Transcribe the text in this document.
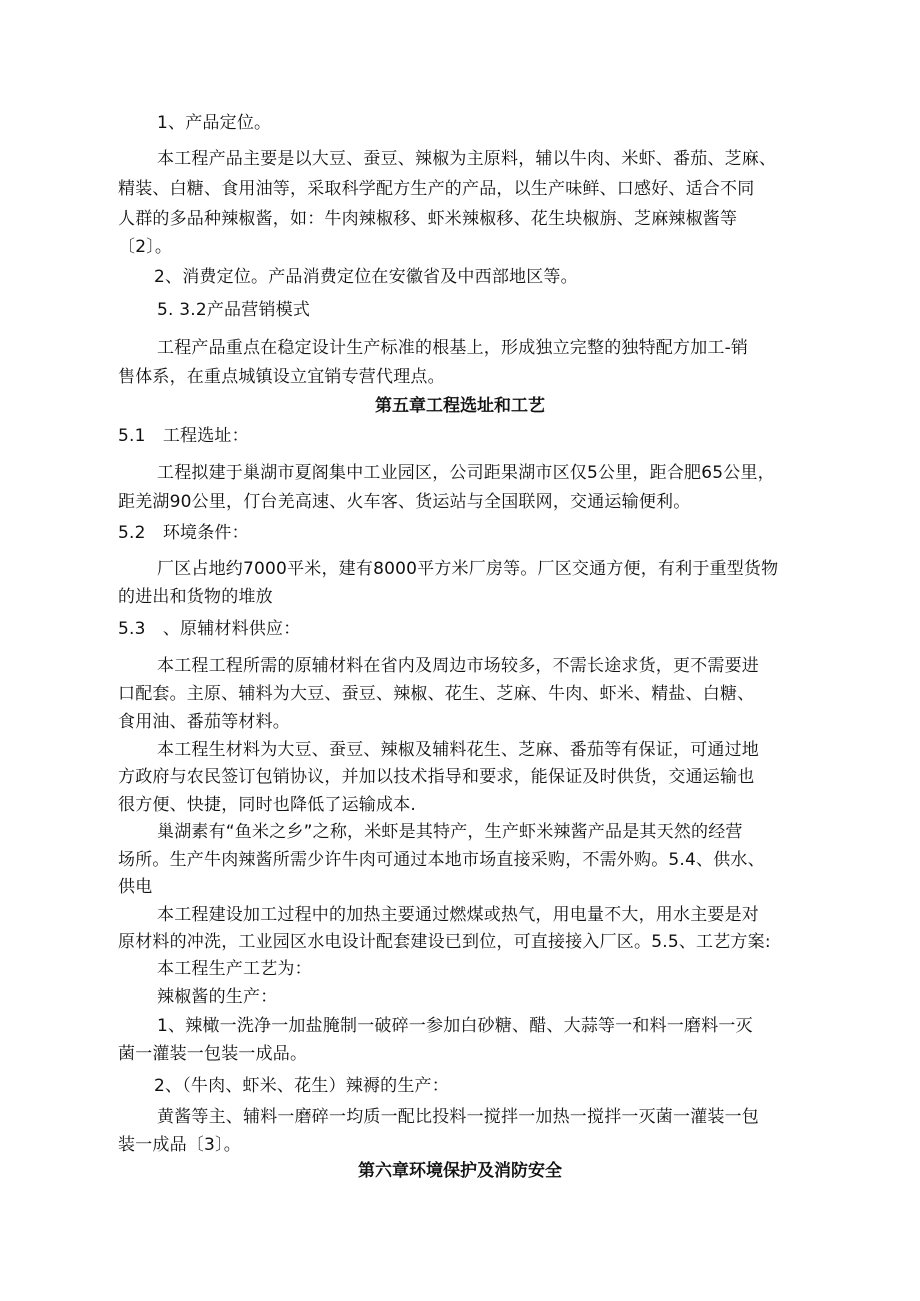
1、产品定位。
本工程产品主要是以大豆、蚕豆、辣椒为主原料，辅以牛肉、米虾、番茄、芝麻、
精装、白糖、食用油等，采取科学配方生产的产品，以生产味鲜、口感好、适合不同
人群的多品种辣椒酱，如：牛肉辣椒移、虾米辣椒移、花生块椒旃、芝麻辣椒酱等
〔2〕。
2、消费定位。产品消费定位在安徽省及中西部地区等。
5. 3.2产品营销模式
工程产品重点在稳定设计生产标准的根基上，形成独立完整的独特配方加工-销
售体系，在重点城镇设立宜销专营代理点。
第五章工程选址和工艺
5.1　工程选址：
工程拟建于巢湖市夏阁集中工业园区，公司距果湖市区仅5公里，距合肥65公里，
距羌湖90公里，仃台羌高速、火车客、货运站与全国联网，交通运输便利。
5.2　环境条件：
厂区占地约7000平米，建有8000平方米厂房等。厂区交通方便，有利于重型货物
的进出和货物的堆放
5.3　、原辅材料供应：
本工程工程所需的原辅材料在省内及周边市场较多，不需长途求货，更不需要进
口配套。主原、辅料为大豆、蚕豆、辣椒、花生、芝麻、牛肉、虾米、精盐、白糖、
食用油、番茄等材料。
本工程生材料为大豆、蚕豆、辣椒及辅料花生、芝麻、番茄等有保证，可通过地
方政府与农民签订包销协议，并加以技术指导和要求，能保证及时供货，交通运输也
很方便、快捷，同时也降低了运输成本.
巢湖素有“鱼米之乡”之称，米虾是其特产，生产虾米辣酱产品是其天然的经营
场所。生产牛肉辣酱所需少许牛肉可通过本地市场直接采购，不需外购。5.4、供水、
供电
本工程建设加工过程中的加热主要通过燃煤或热气，用电量不大，用水主要是对
原材料的冲洗，工业园区水电设计配套建设已到位，可直接接入厂区。5.5、工艺方案:
本工程生产工艺为：
辣椒酱的生产：
1、辣橄一洗净一加盐腌制一破碎一参加白砂糖、醋、大蒜等一和料一磨料一灭
菌一灌装一包装一成品。
2、（牛肉、虾米、花生）辣褥的生产：
黄酱等主、辅料一磨碎一均质一配比投料一搅拌一加热一搅拌一灭菌一灌装一包
装一成品〔3〕。
第六章环境保护及消防安全
